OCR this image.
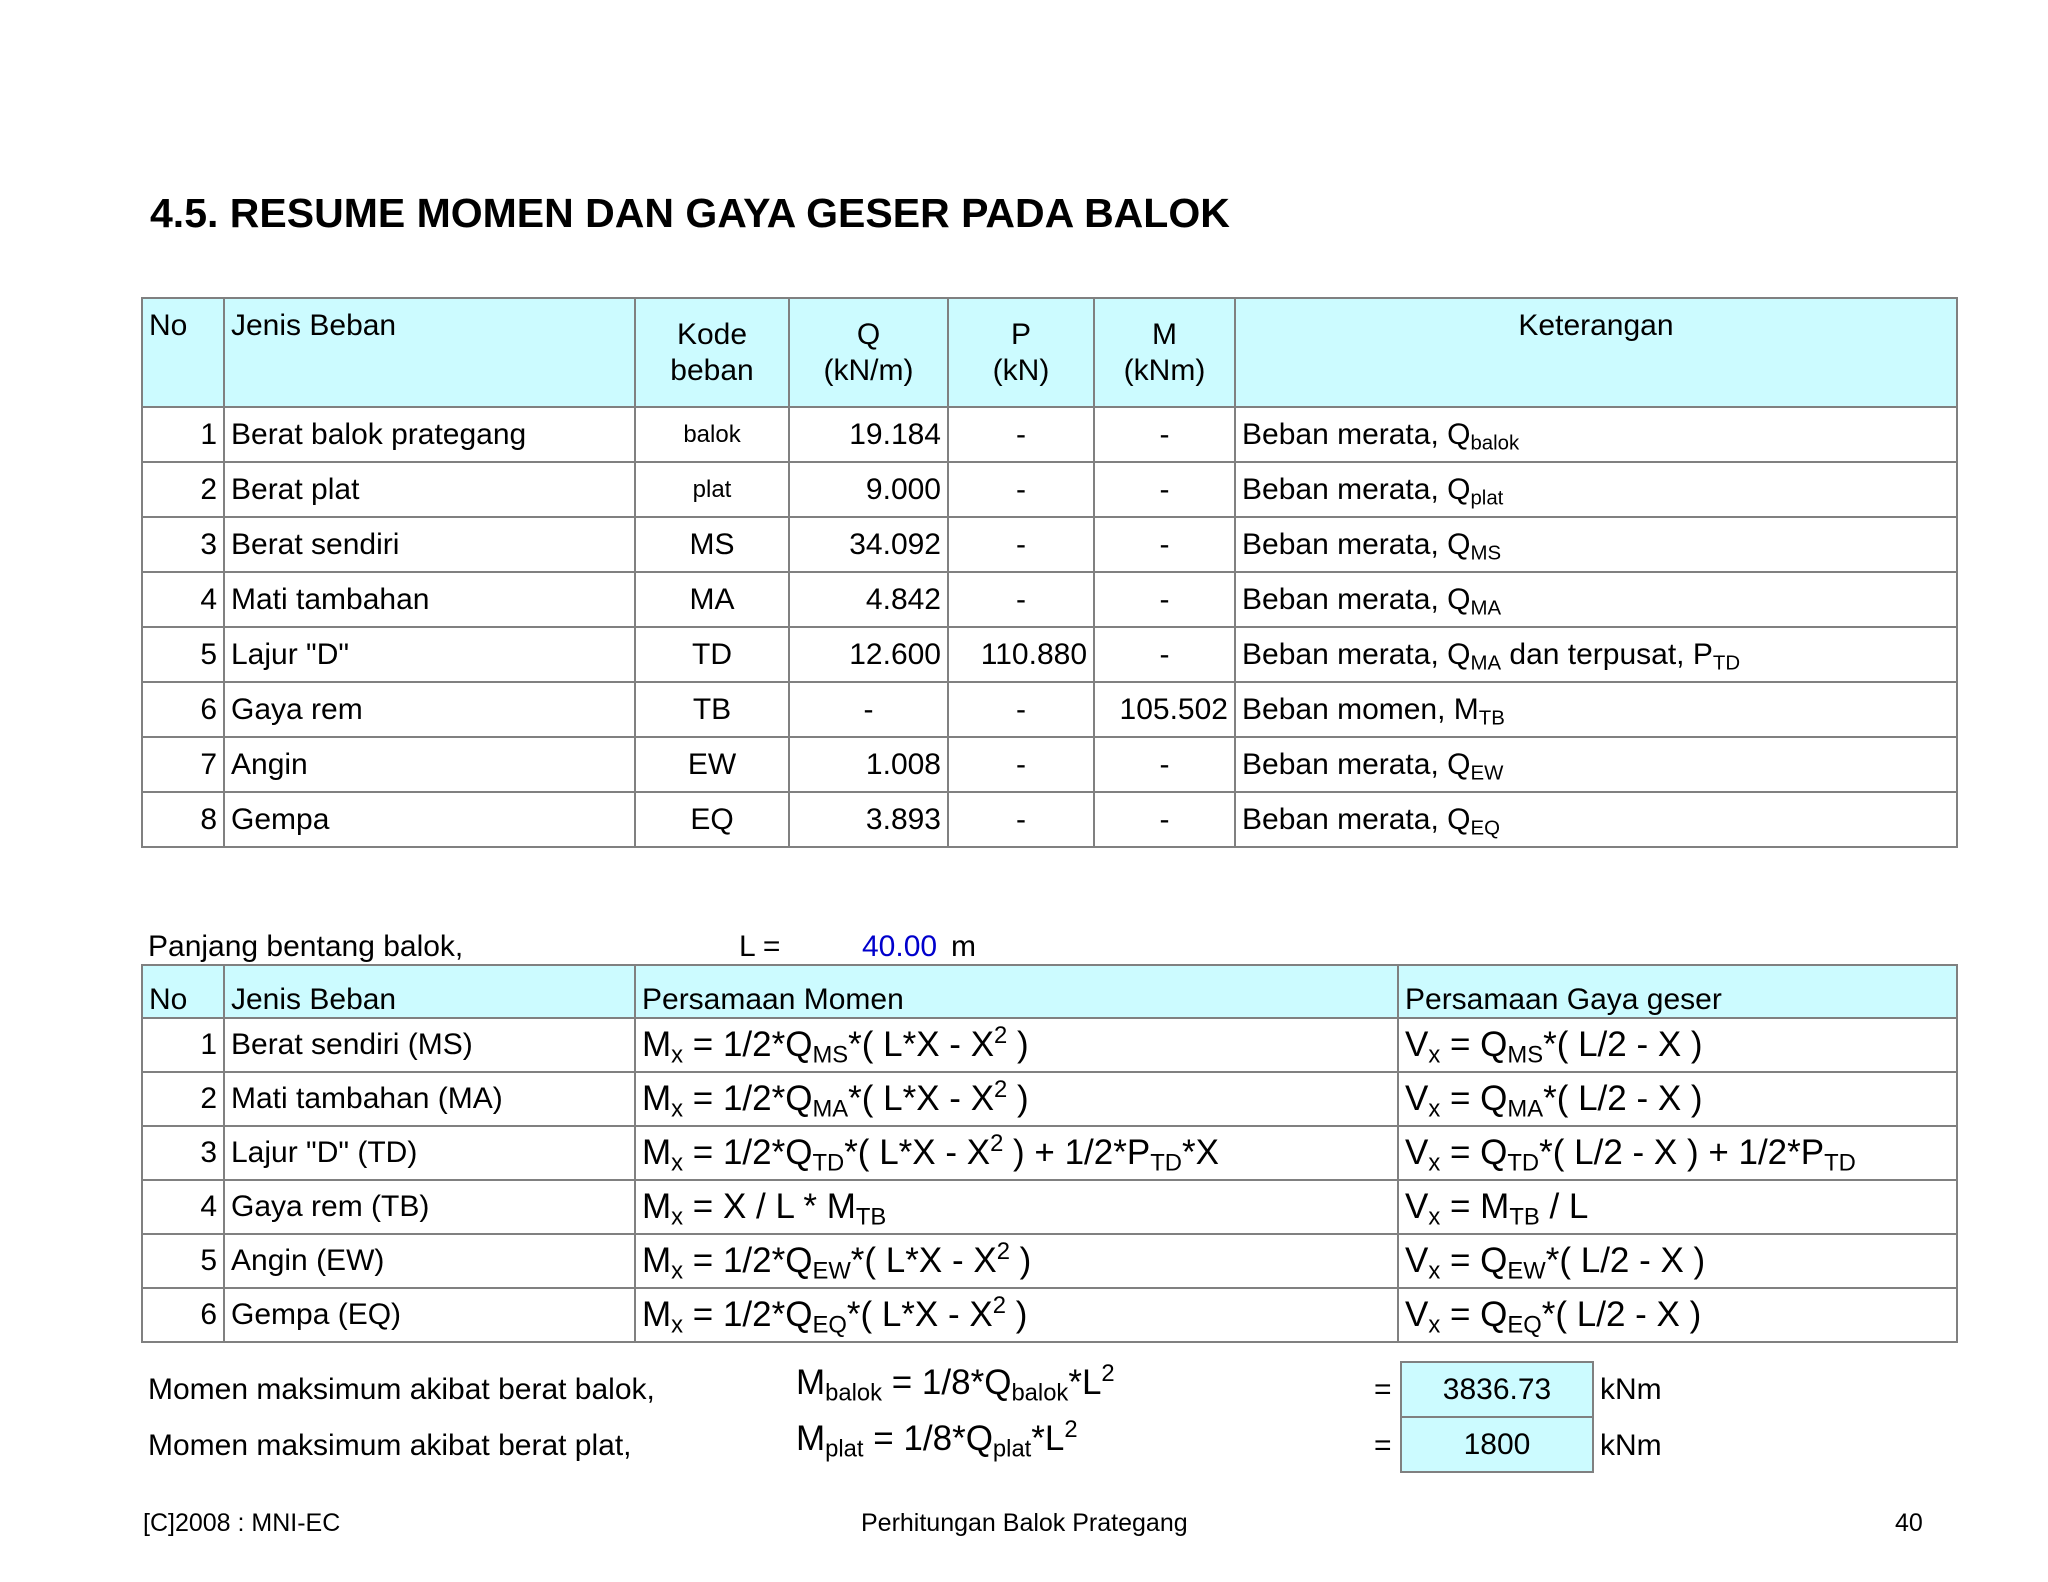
4.5. RESUME MOMEN DAN GAYA GESER PADA BALOK
No	Jenis Beban	Kode	Q	P	M	Keterangan
		beban	(kN/m)	(kN)	(kNm)	
1	Berat balok prategang	balok	19.184	-	-	Beban merata, $Q_{balok}$
2	Berat plat	plat	9.000	-	-	Beban merata, $Q_{plat}$
3	Berat sendiri	MS	34.092	-	-	Beban merata, $Q_{MS}$
4	Mati tambahan	MA	4.842	-	-	Beban merata, $Q_{MA}$
5	Lajur "D"	TD	12.600	110.880	-	Beban merata, $Q_{MA}$ dan terpusat, $P_{TD}$
6	Gaya rem	TB	-	-	105.502	Beban momen, $M_{TB}$
7	Angin	EW	1.008	-	-	Beban merata, $Q_{EW}$
8	Gempa	EQ	3.893	-	-	Beban merata, $Q_{EQ}$
Panjang bentang balok,	L =	40.00 m
No	Jenis Beban	Persamaan Momen	Persamaan Gaya geser
1	Berat sendiri (MS)	$M_x = 1/2*Q_{MS}*$( $L*X - X^2$ )	$V_x = Q_{MS}*$( L/2 - X )
2	Mati tambahan (MA)	$M_x = 1/2*Q_{MA}*$( $L*X - X^2$ )	$V_x = Q_{MA}*$( L/2 - X )
3	Lajur "D" (TD)	$M_x = 1/2*Q_{TD}*$( $L*X - X^2$ ) + $1/2*P_{TD}*X$	$V_x = Q_{TD}*$( L/2 - X ) + $1/2*P_{TD}$
4	Gaya rem (TB)	$M_x = X / L * M_{TB}$	$V_x = M_{TB} / L$
5	Angin (EW)	$M_x = 1/2*Q_{EW}*$( $L*X - X^2$ )	$V_x = Q_{EW}*$( L/2 - X )
6	Gempa (EQ)	$M_x = 1/2*Q_{EQ}*$( $L*X - X^2$ )	$V_x = Q_{EQ}*$( L/2 - X )
Momen maksimum akibat berat balok,	$M_{balok} = 1/8*Q_{balok}*L^2$	=	3836.73	kNm
Momen maksimum akibat berat plat,	$M_{plat} = 1/8*Q_{plat}*L^2$	=	1800	kNm
[C]2008 : MNI-EC	Perhitungan Balok Prategang	40
